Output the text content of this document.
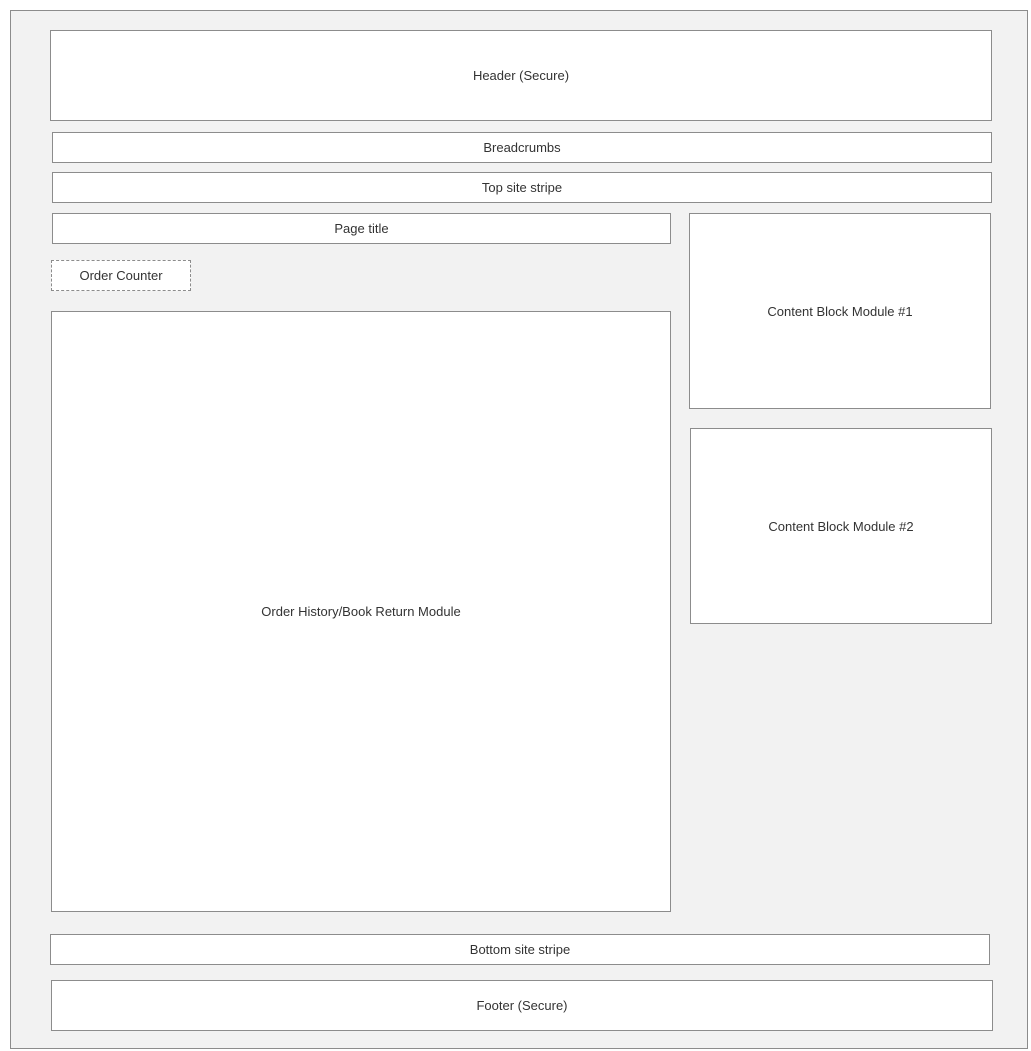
Header (Secure)
Breadcrumbs
Top site stripe
Page title
Order Counter
Order History/Book Return Module
Content Block Module #1
Content Block Module #2
Bottom site stripe
Footer (Secure)
